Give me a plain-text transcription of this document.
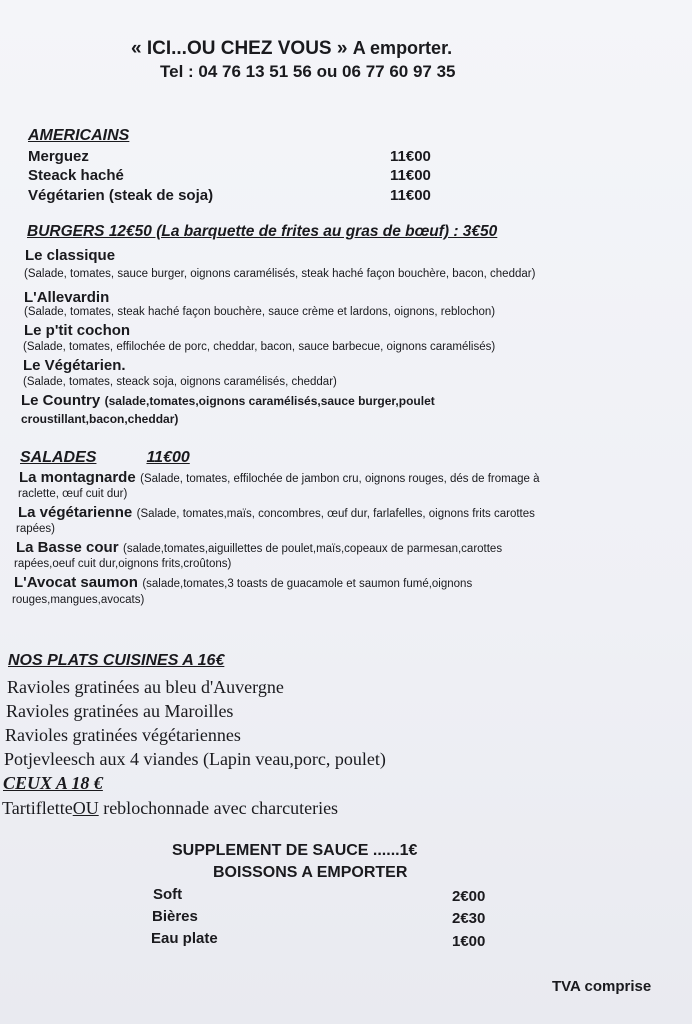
« ICI...OU CHEZ VOUS » A emporter.
Tel : 04 76 13 51 56 ou 06 77 60 97 35
AMERICAINS
Merguez	11€00
Steack haché	11€00
Végétarien (steak de soja)	11€00
BURGERS 12€50 (La barquette de frites au gras de bœuf) : 3€50
Le classique
(Salade, tomates, sauce burger, oignons caramélisés, steak haché façon bouchère, bacon, cheddar)
L'Allevardin
(Salade, tomates, steak haché façon bouchère, sauce crème et lardons, oignons, reblochon)
Le p'tit cochon
(Salade, tomates, effilochée de porc, cheddar, bacon, sauce barbecue, oignons caramélisés)
Le Végétarien.
(Salade, tomates, steack soja, oignons caramélisés, cheddar)
Le Country (salade,tomates,oignons caramélisés,sauce burger,poulet
croustillant,bacon,cheddar)
SALADES	11€00
La montagnarde (Salade, tomates, effilochée de jambon cru, oignons rouges, dés de fromage à
raclette, œuf cuit dur)
La végétarienne (Salade, tomates,maïs, concombres, œuf dur, farlafelles, oignons frits carottes
rapées)
La Basse cour (salade,tomates,aiguillettes de poulet,maïs,copeaux de parmesan,carottes
rapées,oeuf cuit dur,oignons frits,croûtons)
L'Avocat saumon (salade,tomates,3 toasts de guacamole et saumon fumé,oignons
rouges,mangues,avocats)
NOS PLATS CUISINES A 16€
Ravioles gratinées au bleu d'Auvergne
Ravioles gratinées au Maroilles
Ravioles gratinées végétariennes
Potjevleesch aux 4 viandes (Lapin veau,porc, poulet)
CEUX A 18 €
TartifletteOU reblochonnade avec charcuteries
SUPPLEMENT DE SAUCE ......1€
BOISSONS A EMPORTER
Soft	2€00
Bières	2€30
Eau plate	1€00
TVA comprise
